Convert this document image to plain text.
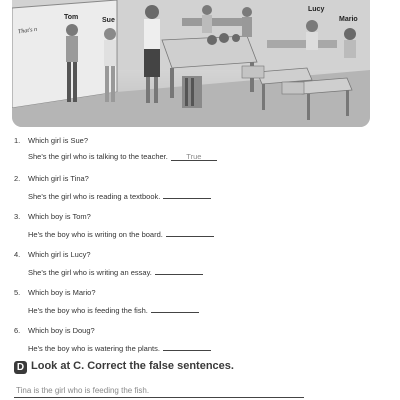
Tom	Sue
Lucy
Mario
That's n
1. Which girl is Sue?
She's the girl who is talking to the teacher. True
2. Which girl is Tina?
She's the girl who is reading a textbook.
3. Which boy is Tom?
He's the boy who is writing on the board.
4. Which girl is Lucy?
She's the girl who is writing an essay.
5. Which boy is Mario?
He's the boy who is feeding the fish.
6. Which boy is Doug?
He's the boy who is watering the plants.
D Look at C. Correct the false sentences.
Tina is the girl who is feeding the fish.
